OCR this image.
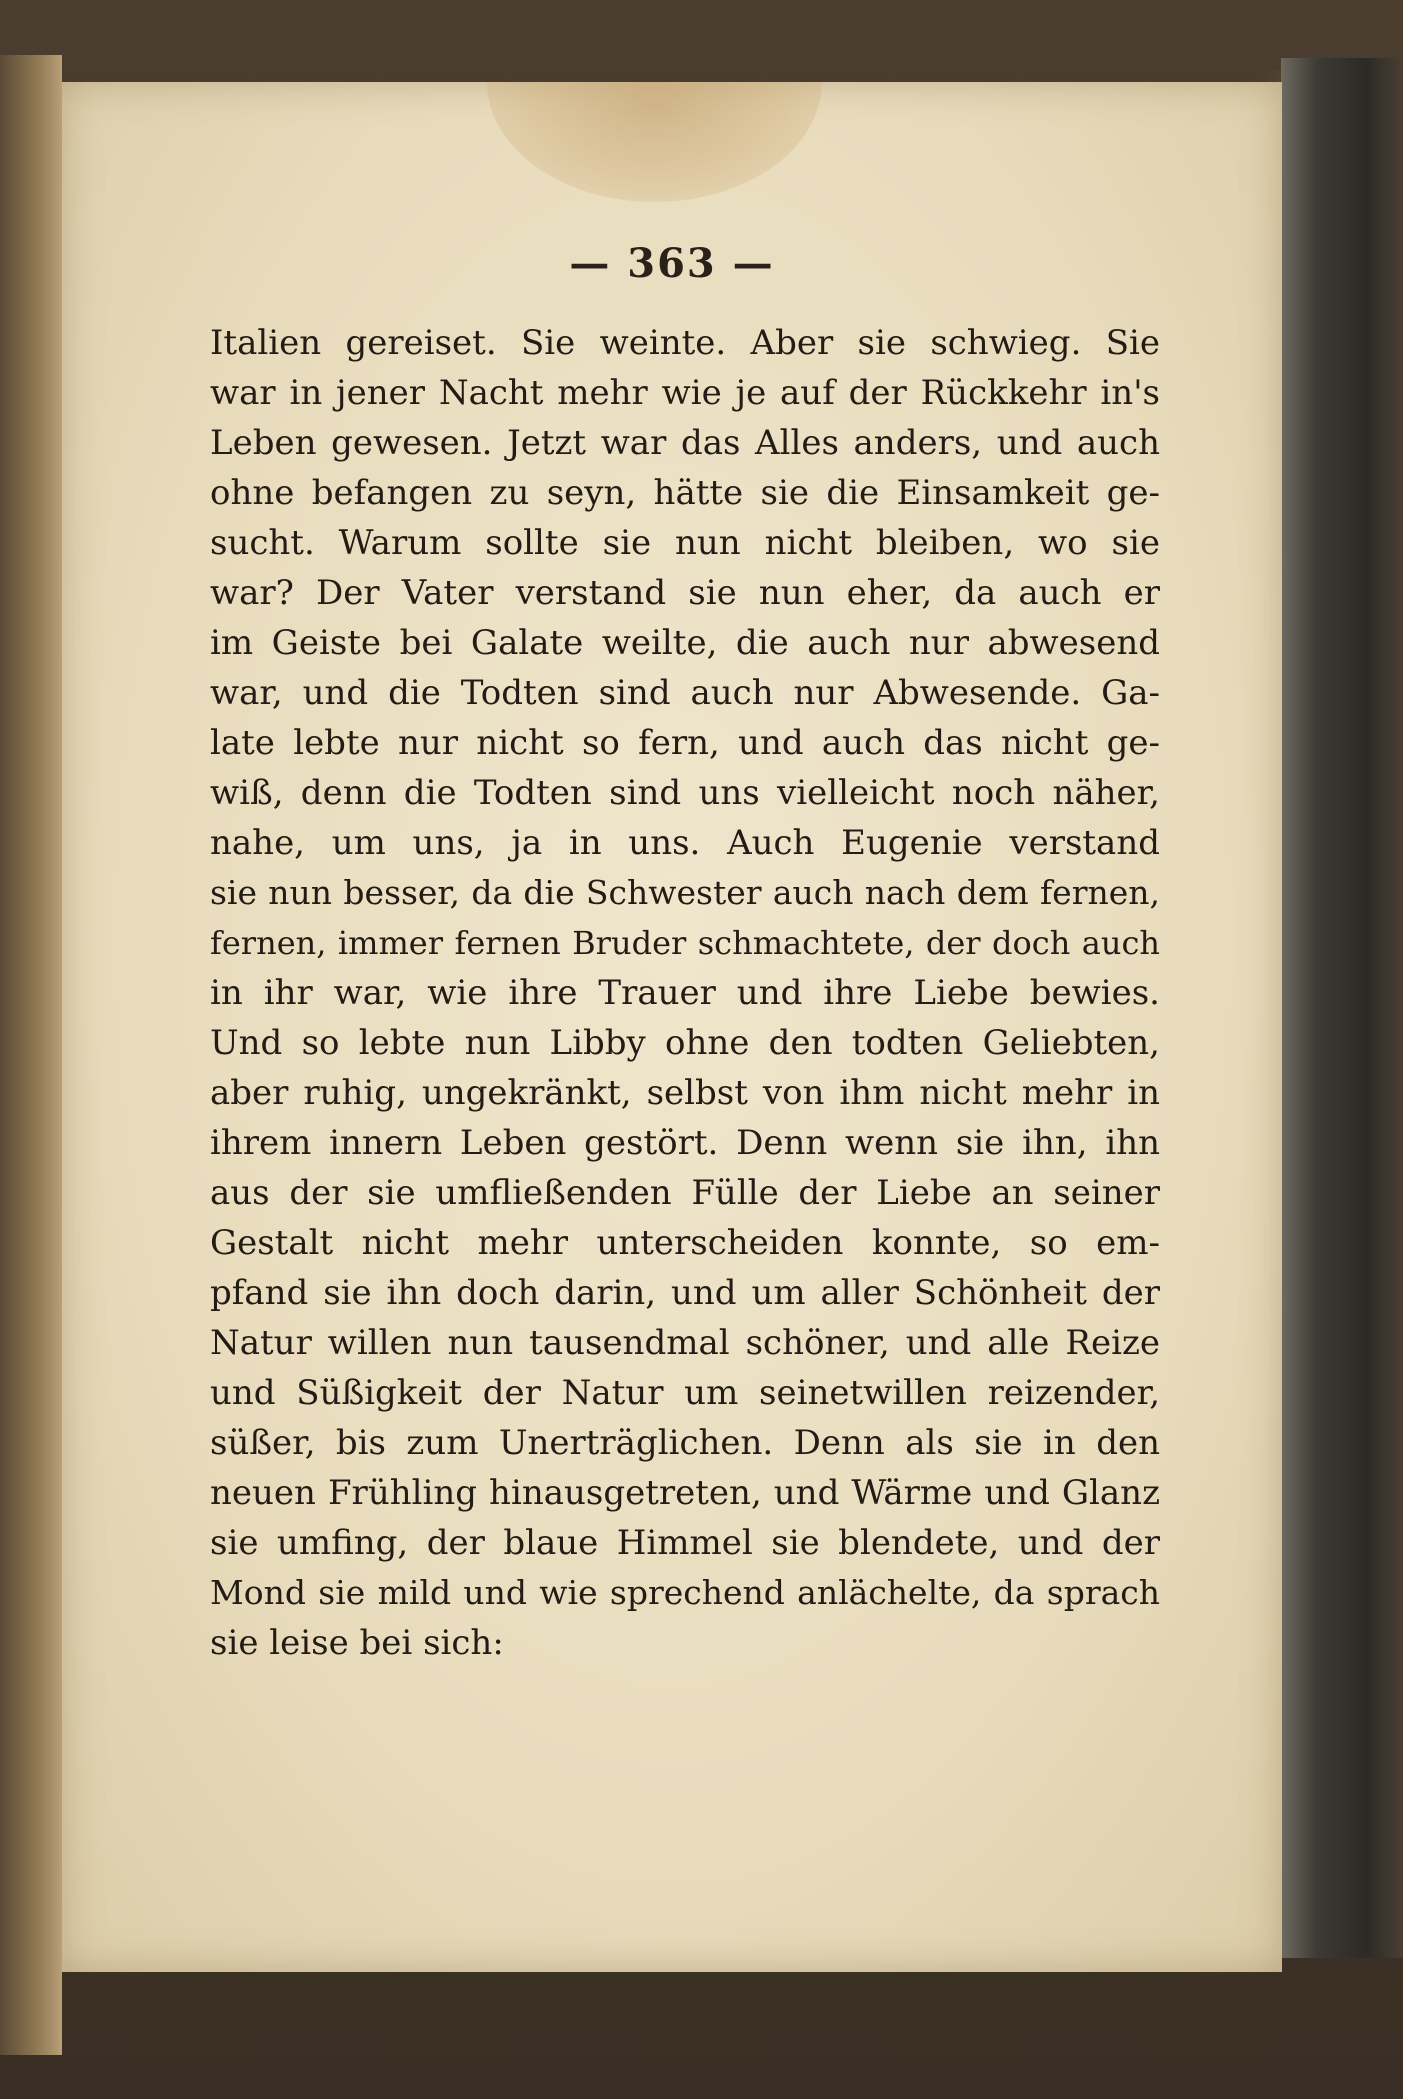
— 363 —
Italien gereiset. Sie weinte. Aber sie schwieg. Sie
war in jener Nacht mehr wie je auf der Rückkehr in's
Leben gewesen. Jetzt war das Alles anders, und auch
ohne befangen zu seyn, hätte sie die Einsamkeit ge-
sucht. Warum sollte sie nun nicht bleiben, wo sie
war? Der Vater verstand sie nun eher, da auch er
im Geiste bei Galate weilte, die auch nur abwesend
war, und die Todten sind auch nur Abwesende. Ga-
late lebte nur nicht so fern, und auch das nicht ge-
wiß, denn die Todten sind uns vielleicht noch näher,
nahe, um uns, ja in uns. Auch Eugenie verstand
sie nun besser, da die Schwester auch nach dem fernen,
fernen, immer fernen Bruder schmachtete, der doch auch
in ihr war, wie ihre Trauer und ihre Liebe bewies.
Und so lebte nun Libby ohne den todten Geliebten,
aber ruhig, ungekränkt, selbst von ihm nicht mehr in
ihrem innern Leben gestört. Denn wenn sie ihn, ihn
aus der sie umfließenden Fülle der Liebe an seiner
Gestalt nicht mehr unterscheiden konnte, so em-
pfand sie ihn doch darin, und um aller Schönheit der
Natur willen nun tausendmal schöner, und alle Reize
und Süßigkeit der Natur um seinetwillen reizender,
süßer, bis zum Unerträglichen. Denn als sie in den
neuen Frühling hinausgetreten, und Wärme und Glanz
sie umfing, der blaue Himmel sie blendete, und der
Mond sie mild und wie sprechend anlächelte, da sprach
sie leise bei sich:
